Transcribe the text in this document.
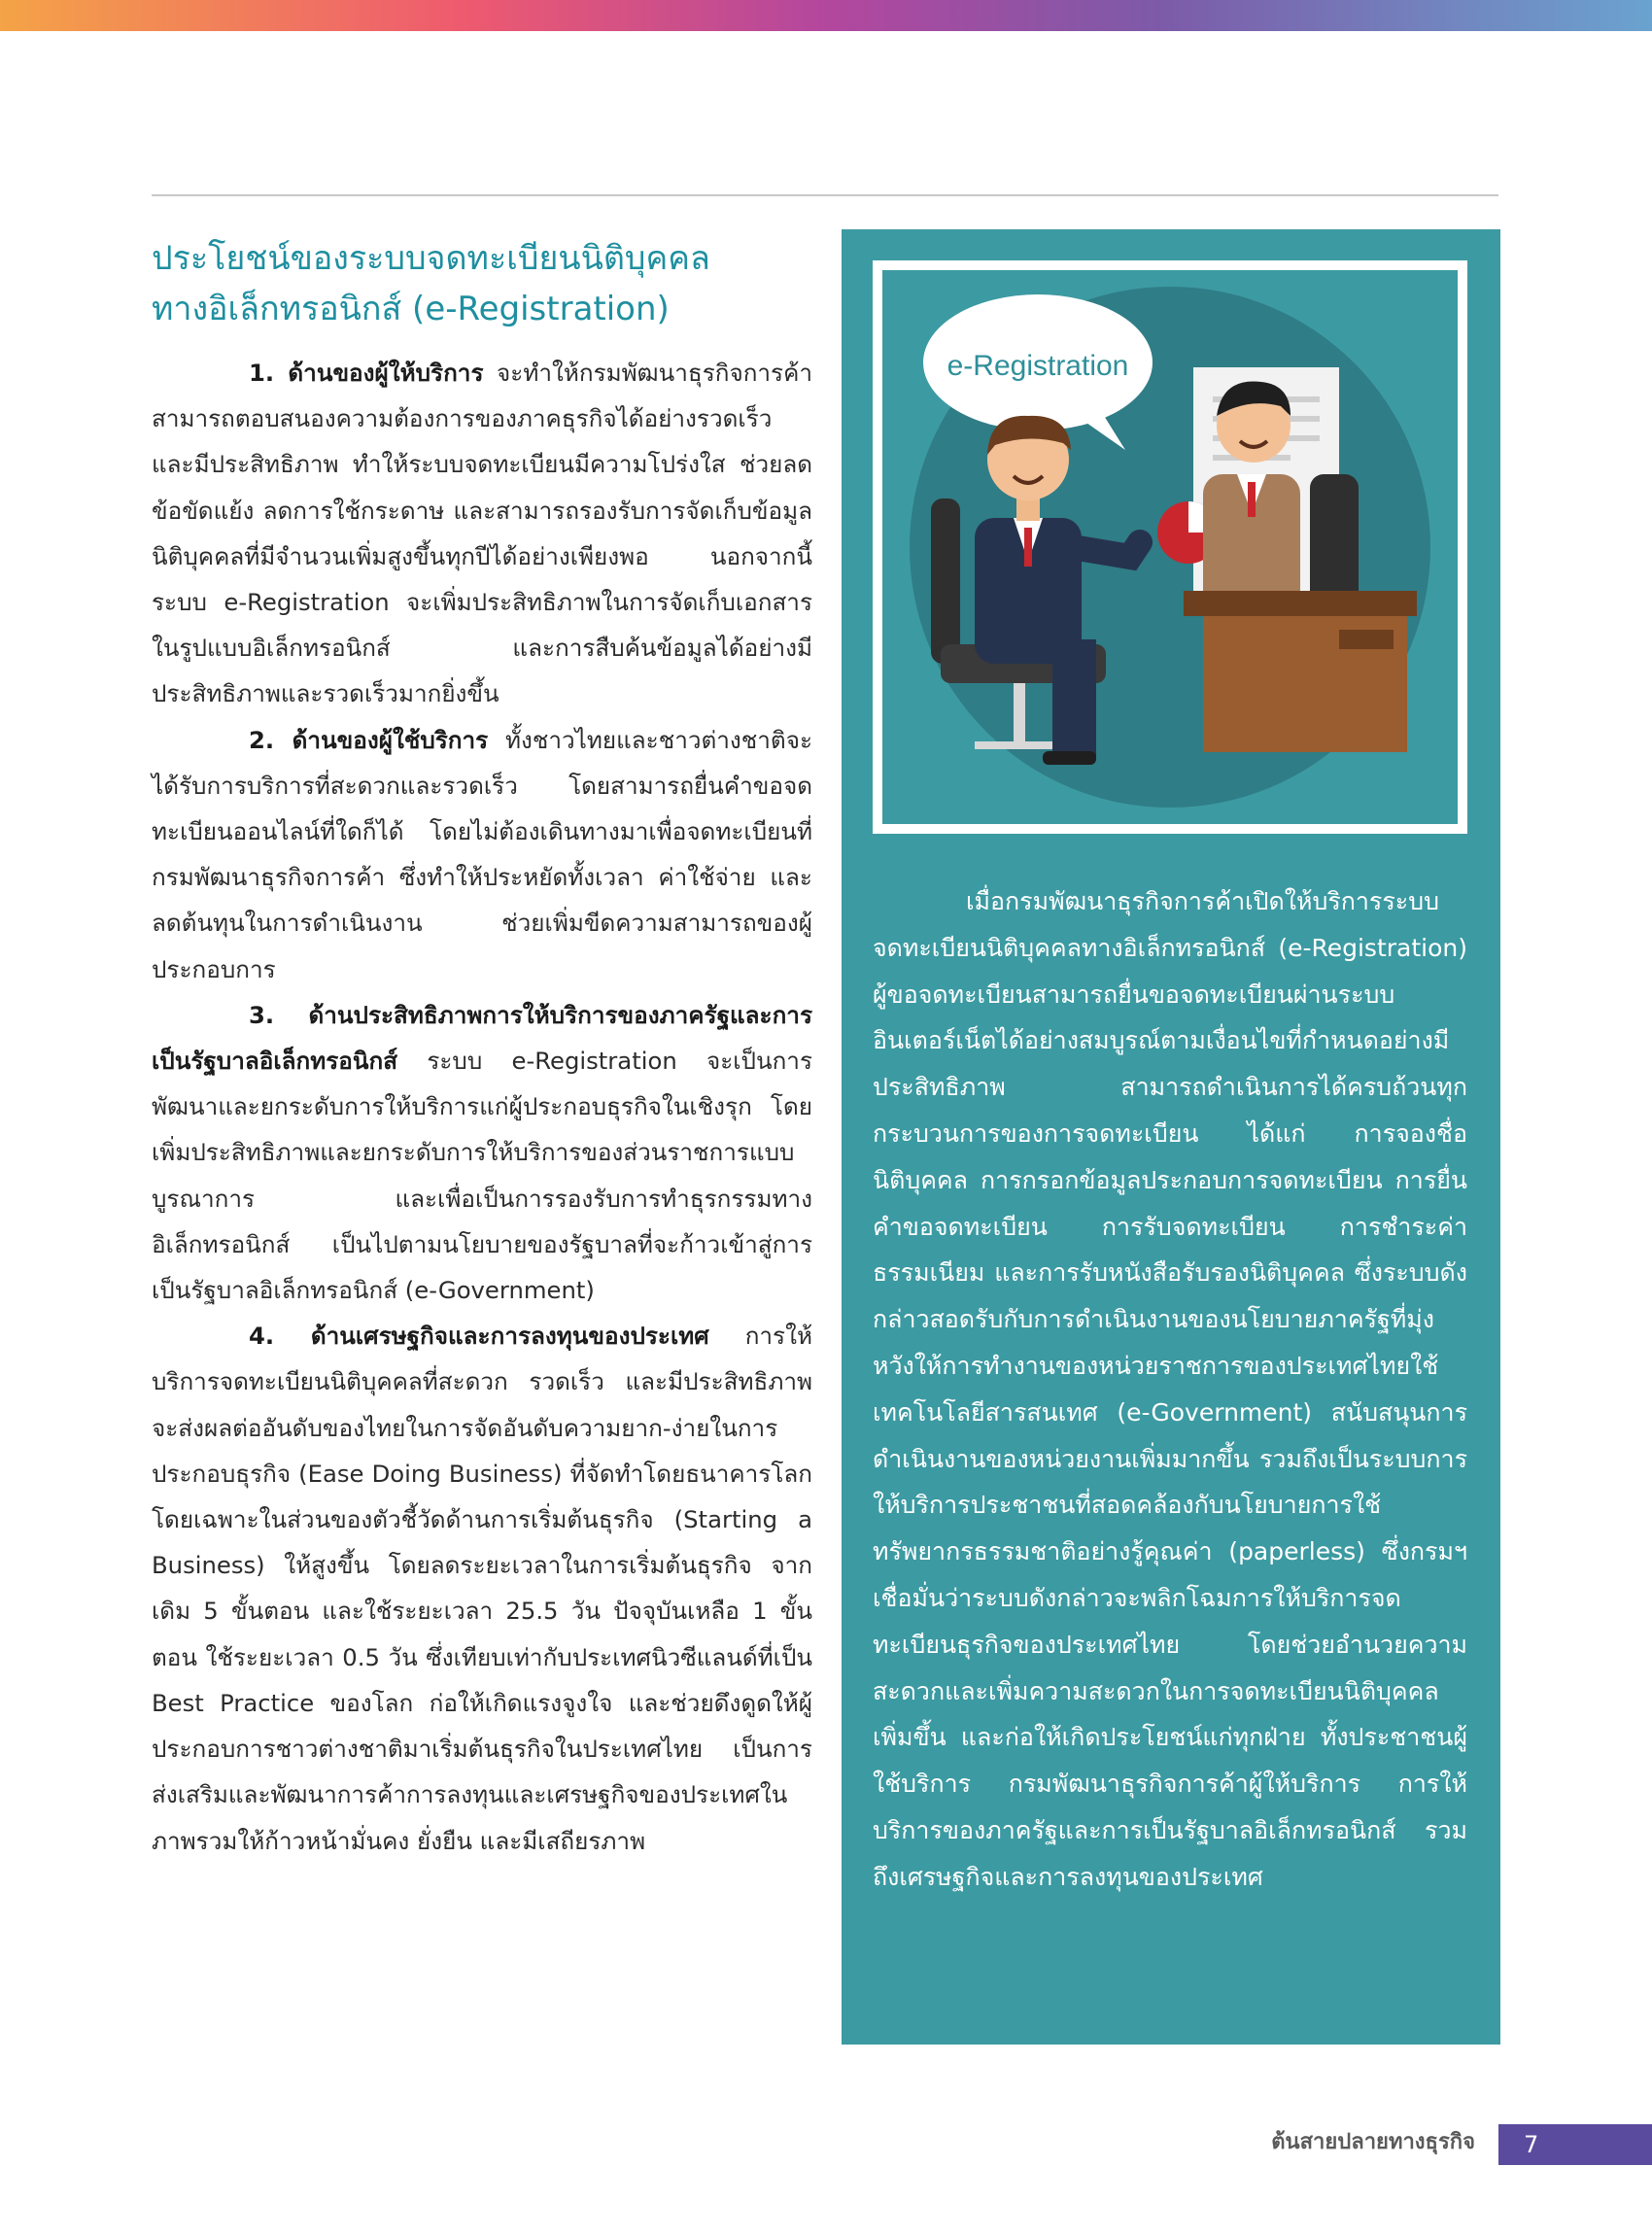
ประโยชน์ของระบบจดทะเบียนนิติบุคคล
ทางอิเล็กทรอนิกส์ (e-Registration)

1. ด้านของผู้ให้บริการ จะทำให้กรมพัฒนาธุรกิจการค้าสามารถตอบสนองความต้องการของภาคธุรกิจได้อย่างรวดเร็วและมีประสิทธิภาพ ทำให้ระบบจดทะเบียนมีความโปร่งใส ช่วยลดข้อขัดแย้ง ลดการใช้กระดาษ และสามารถรองรับการจัดเก็บข้อมูลนิติบุคคลที่มีจำนวนเพิ่มสูงขึ้นทุกปีได้อย่างเพียงพอ นอกจากนี้ ระบบ e-Registration จะเพิ่มประสิทธิภาพในการจัดเก็บเอกสารในรูปแบบอิเล็กทรอนิกส์ และการสืบค้นข้อมูลได้อย่างมีประสิทธิภาพและรวดเร็วมากยิ่งขึ้น

2. ด้านของผู้ใช้บริการ ทั้งชาวไทยและชาวต่างชาติจะได้รับการบริการที่สะดวกและรวดเร็ว โดยสามารถยื่นคำขอจดทะเบียนออนไลน์ที่ใดก็ได้ โดยไม่ต้องเดินทางมาเพื่อจดทะเบียนที่กรมพัฒนาธุรกิจการค้า ซึ่งทำให้ประหยัดทั้งเวลา ค่าใช้จ่าย และลดต้นทุนในการดำเนินงาน ช่วยเพิ่มขีดความสามารถของผู้ประกอบการ

3. ด้านประสิทธิภาพการให้บริการของภาครัฐและการเป็นรัฐบาลอิเล็กทรอนิกส์ ระบบ e-Registration จะเป็นการพัฒนาและยกระดับการให้บริการแก่ผู้ประกอบธุรกิจในเชิงรุก โดยเพิ่มประสิทธิภาพและยกระดับการให้บริการของส่วนราชการแบบบูรณาการ และเพื่อเป็นการรองรับการทำธุรกรรมทางอิเล็กทรอนิกส์ เป็นไปตามนโยบายของรัฐบาลที่จะก้าวเข้าสู่การเป็นรัฐบาลอิเล็กทรอนิกส์ (e-Government)

4. ด้านเศรษฐกิจและการลงทุนของประเทศ การให้บริการจดทะเบียนนิติบุคคลที่สะดวก รวดเร็ว และมีประสิทธิภาพ จะส่งผลต่ออันดับของไทยในการจัดอันดับความยาก-ง่ายในการประกอบธุรกิจ (Ease Doing Business) ที่จัดทำโดยธนาคารโลก โดยเฉพาะในส่วนของตัวชี้วัดด้านการเริ่มต้นธุรกิจ (Starting a Business) ให้สูงขึ้น โดยลดระยะเวลาในการเริ่มต้นธุรกิจ จากเดิม 5 ขั้นตอน และใช้ระยะเวลา 25.5 วัน ปัจจุบันเหลือ 1 ขั้นตอน ใช้ระยะเวลา 0.5 วัน ซึ่งเทียบเท่ากับประเทศนิวซีแลนด์ที่เป็น Best Practice ของโลก ก่อให้เกิดแรงจูงใจ และช่วยดึงดูดให้ผู้ประกอบการชาวต่างชาติมาเริ่มต้นธุรกิจในประเทศไทย เป็นการส่งเสริมและพัฒนาการค้าการลงทุนและเศรษฐกิจของประเทศในภาพรวมให้ก้าวหน้ามั่นคง ยั่งยืน และมีเสถียรภาพ

e-Registration

เมื่อกรมพัฒนาธุรกิจการค้าเปิดให้บริการระบบจดทะเบียนนิติบุคคลทางอิเล็กทรอนิกส์ (e-Registration) ผู้ขอจดทะเบียนสามารถยื่นขอจดทะเบียนผ่านระบบอินเตอร์เน็ตได้อย่างสมบูรณ์ตามเงื่อนไขที่กำหนดอย่างมีประสิทธิภาพ สามารถดำเนินการได้ครบถ้วนทุกกระบวนการของการจดทะเบียน ได้แก่ การจองชื่อนิติบุคคล การกรอกข้อมูลประกอบการจดทะเบียน การยื่นคำขอจดทะเบียน การรับจดทะเบียน การชำระค่าธรรมเนียม และการรับหนังสือรับรองนิติบุคคล ซึ่งระบบดังกล่าวสอดรับกับการดำเนินงานของนโยบายภาครัฐที่มุ่งหวังให้การทำงานของหน่วยราชการของประเทศไทยใช้เทคโนโลยีสารสนเทศ (e-Government) สนับสนุนการดำเนินงานของหน่วยงานเพิ่มมากขึ้น รวมถึงเป็นระบบการให้บริการประชาชนที่สอดคล้องกับนโยบายการใช้ทรัพยากรธรรมชาติอย่างรู้คุณค่า (paperless) ซึ่งกรมฯ เชื่อมั่นว่าระบบดังกล่าวจะพลิกโฉมการให้บริการจดทะเบียนธุรกิจของประเทศไทย โดยช่วยอำนวยความสะดวกและเพิ่มความสะดวกในการจดทะเบียนนิติบุคคลเพิ่มขึ้น และก่อให้เกิดประโยชน์แก่ทุกฝ่าย ทั้งประชาชนผู้ใช้บริการ กรมพัฒนาธุรกิจการค้าผู้ให้บริการ การให้บริการของภาครัฐและการเป็นรัฐบาลอิเล็กทรอนิกส์ รวมถึงเศรษฐกิจและการลงทุนของประเทศ

ต้นสายปลายทางธุรกิจ 7
